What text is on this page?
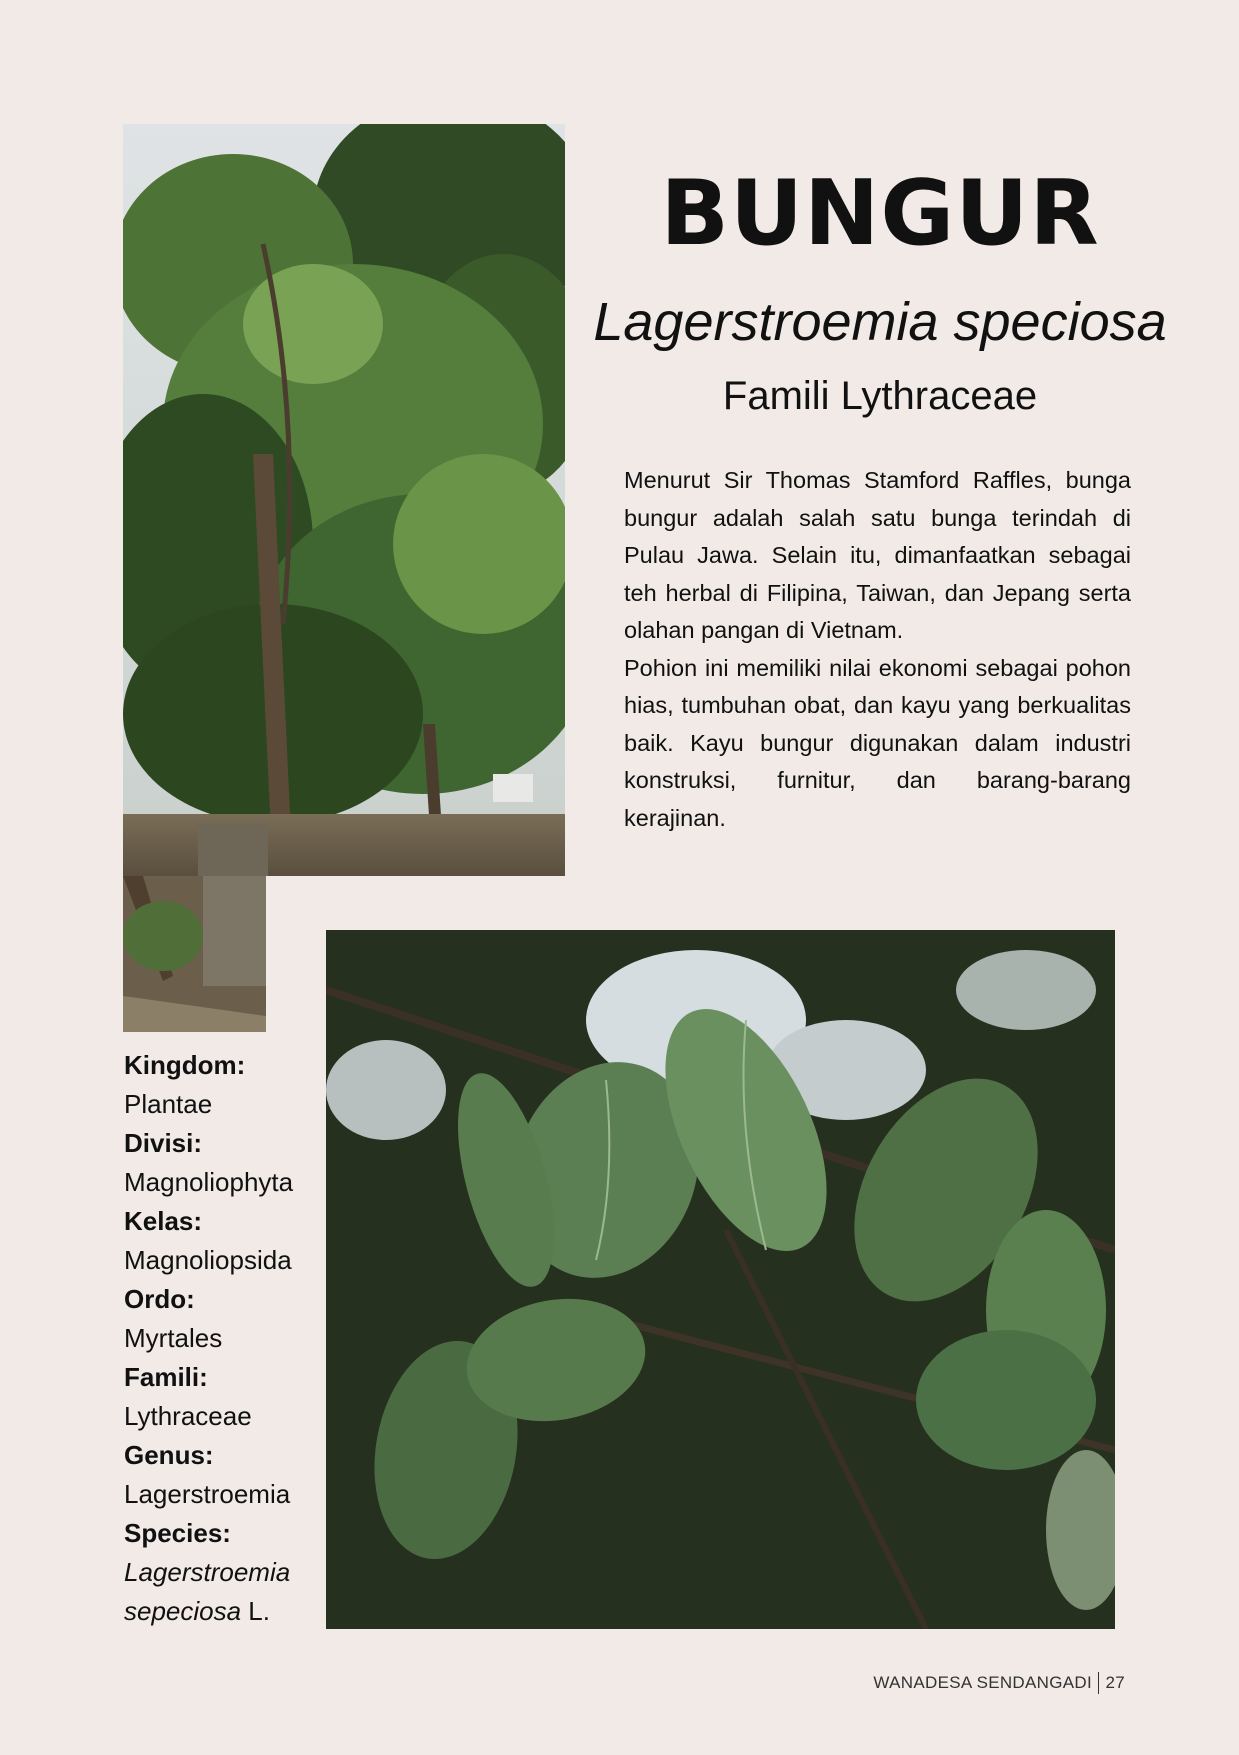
BUNGUR
Lagerstroemia speciosa
Famili Lythraceae

Menurut Sir Thomas Stamford Raffles, bunga bungur adalah salah satu bunga terindah di Pulau Jawa. Selain itu, dimanfaatkan sebagai teh herbal di Filipina, Taiwan, dan Jepang serta olahan pangan di Vietnam.

Pohion ini memiliki nilai ekonomi sebagai pohon hias, tumbuhan obat, dan kayu yang berkualitas baik. Kayu bungur digunakan dalam industri konstruksi, furnitur, dan barang-barang kerajinan.

Kingdom:
Plantae
Divisi:
Magnoliophyta
Kelas:
Magnoliopsida
Ordo:
Myrtales
Famili:
Lythraceae
Genus:
Lagerstroemia
Species:
Lagerstroemia
sepeciosa L.
WANADESA SENDANGADI 27
